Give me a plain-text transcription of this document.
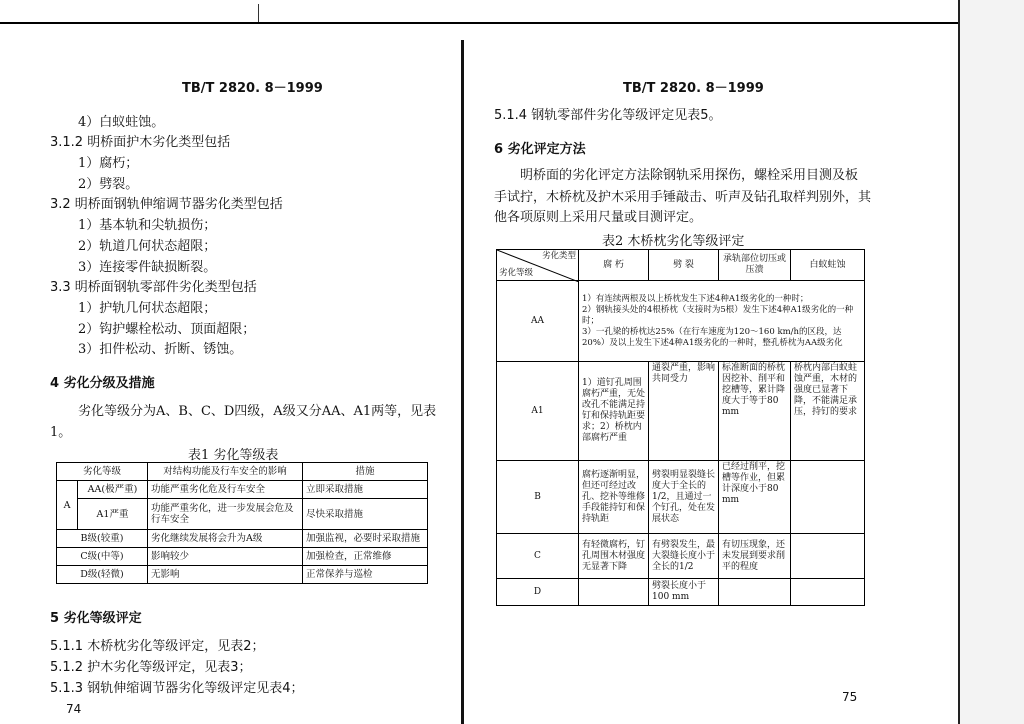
TB/T 2820. 8－1999
4）白蚁蛀蚀。
3.1.2 明桥面护木劣化类型包括
1）腐朽；
2）劈裂。
3.2 明桥面钢轨伸缩调节器劣化类型包括
1）基本轨和尖轨损伤；
2）轨道几何状态超限；
3）连接零件缺损断裂。
3.3 明桥面钢轨零部件劣化类型包括
1）护轨几何状态超限；
2）钩护螺栓松动、顶面超限；
3）扣件松动、折断、锈蚀。
4 劣化分级及措施
劣化等级分为A、B、C、D四级，A级又分AA、A1两等，见表
1。
表1 劣化等级表
劣化等级		对结构功能及行车安全的影响	措施
A	AA(极严重)	功能严重劣化危及行车安全	立即采取措施
	A1严重	功能严重劣化，进一步发展会危及行车安全	尽快采取措施
B级(较重)		劣化继续发展将会升为A级	加强监视，必要时采取措施
C级(中等)		影响较少	加强检查，正常维修
D级(轻微)		无影响	正常保养与巡检
5 劣化等级评定
5.1.1 木桥枕劣化等级评定，见表2；
5.1.2 护木劣化等级评定，见表3；
5.1.3 钢轨伸缩调节器劣化等级评定见表4；
74
TB/T 2820. 8－1999
5.1.4 钢轨零部件劣化等级评定见表5。
6 劣化评定方法
明桥面的劣化评定方法除钢轨采用探伤，螺栓采用目测及板
手试拧，木桥枕及护木采用手锤敲击、听声及钻孔取样判别外，其
他各项原则上采用尺量或目测评定。
表2 木桥枕劣化等级评定
劣化类型
劣化等级	腐 朽	劈 裂	承轨部位切压或压溃	白蚁蛀蚀
AA	1）有连续两根及以上桥枕发生下述4种A1级劣化的一种时；
2）钢轨接头处的4根桥枕（支接时为5根）发生下述4种A1级劣化的一种时；
3）一孔梁的桥枕达25%（在行车速度为120～160 km/h的区段，达20%）及以上发生下述4种A1级劣化的一种时，整孔桥枕为AA级劣化			

A1	1）道钉孔周围腐朽严重，无处改孔不能满足持钉和保持轨距要求；2）桥枕内部腐朽严重	通裂严重，影响共同受力	标准断面的桥枕因挖补、削平和挖槽等，累计降度大于等于80 mm	桥枕内部白蚁蛀蚀严重，木材的强度已显著下降，不能满足承压，持钉的要求
B	腐朽逐渐明显，但还可经过改孔、挖补等维修手段能持钉和保持轨距	劈裂明显裂缝长度大于全长的1/2，且通过一个钉孔，处在发展状态	已经过削平，挖槽等作业，但累计深度小于80 mm	
C	有轻微腐朽，钉孔周围木材强度无显著下降	有劈裂发生，最大裂缝长度小于全长的1/2	有切压现象，还未发展到要求削平的程度	
D		劈裂长度小于100 mm		
75
